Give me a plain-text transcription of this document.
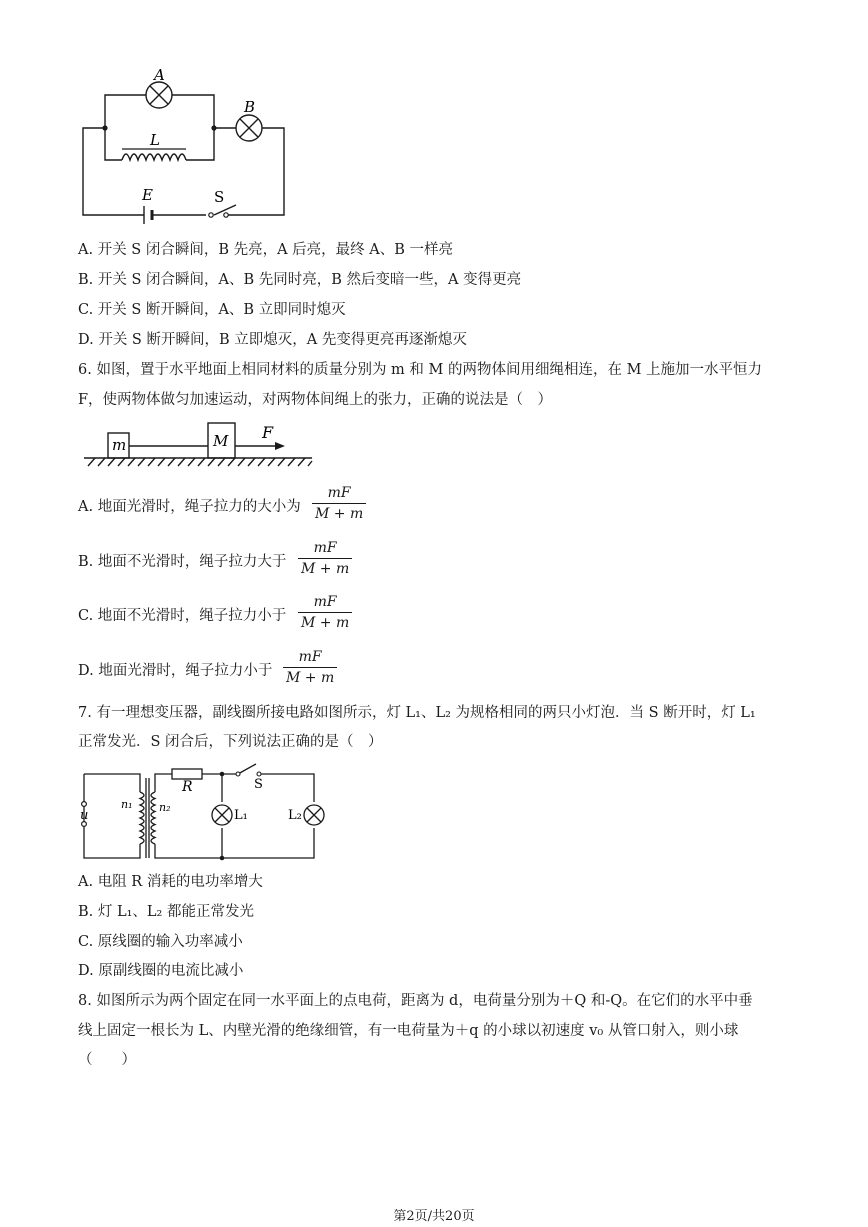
A
B
L
E	S
A. 开关 S 闭合瞬间，B 先亮，A 后亮，最终 A、B 一样亮
B. 开关 S 闭合瞬间，A、B 先同时亮，B 然后变暗一些，A 变得更亮
C. 开关 S 断开瞬间，A、B 立即同时熄灭
D. 开关 S 断开瞬间，B 立即熄灭，A 先变得更亮再逐渐熄灭
6. 如图，置于水平地面上相同材料的质量分别为 m 和 M 的两物体间用细绳相连，在 M 上施加一水平恒力
F，使两物体做匀加速运动，对两物体间绳上的张力，正确的说法是（　）
m	M F
A. 地面光滑时，绳子拉力的大小为 $\frac{mF}{M + m}$
B. 地面不光滑时，绳子拉力大于 $\frac{mF}{M + m}$
C. 地面不光滑时，绳子拉力小于 $\frac{mF}{M + m}$
D. 地面光滑时，绳子拉力小于 $\frac{mF}{M + m}$
7. 有一理想变压器，副线圈所接电路如图所示，灯 L₁、L₂ 为规格相同的两只小灯泡．当 S 断开时，灯 L₁
正常发光．S 闭合后，下列说法正确的是（　）
R	S
u
n₁ n₂
L₁	L₂
A. 电阻 R 消耗的电功率增大
B. 灯 L₁、L₂ 都能正常发光
C. 原线圈的输入功率减小
D. 原副线圈的电流比减小
8. 如图所示为两个固定在同一水平面上的点电荷，距离为 d，电荷量分别为＋Q 和-Q。在它们的水平中垂
线上固定一根长为 L、内壁光滑的绝缘细管，有一电荷量为＋q 的小球以初速度 v₀ 从管口射入，则小球
（　　）
第2页/共20页
